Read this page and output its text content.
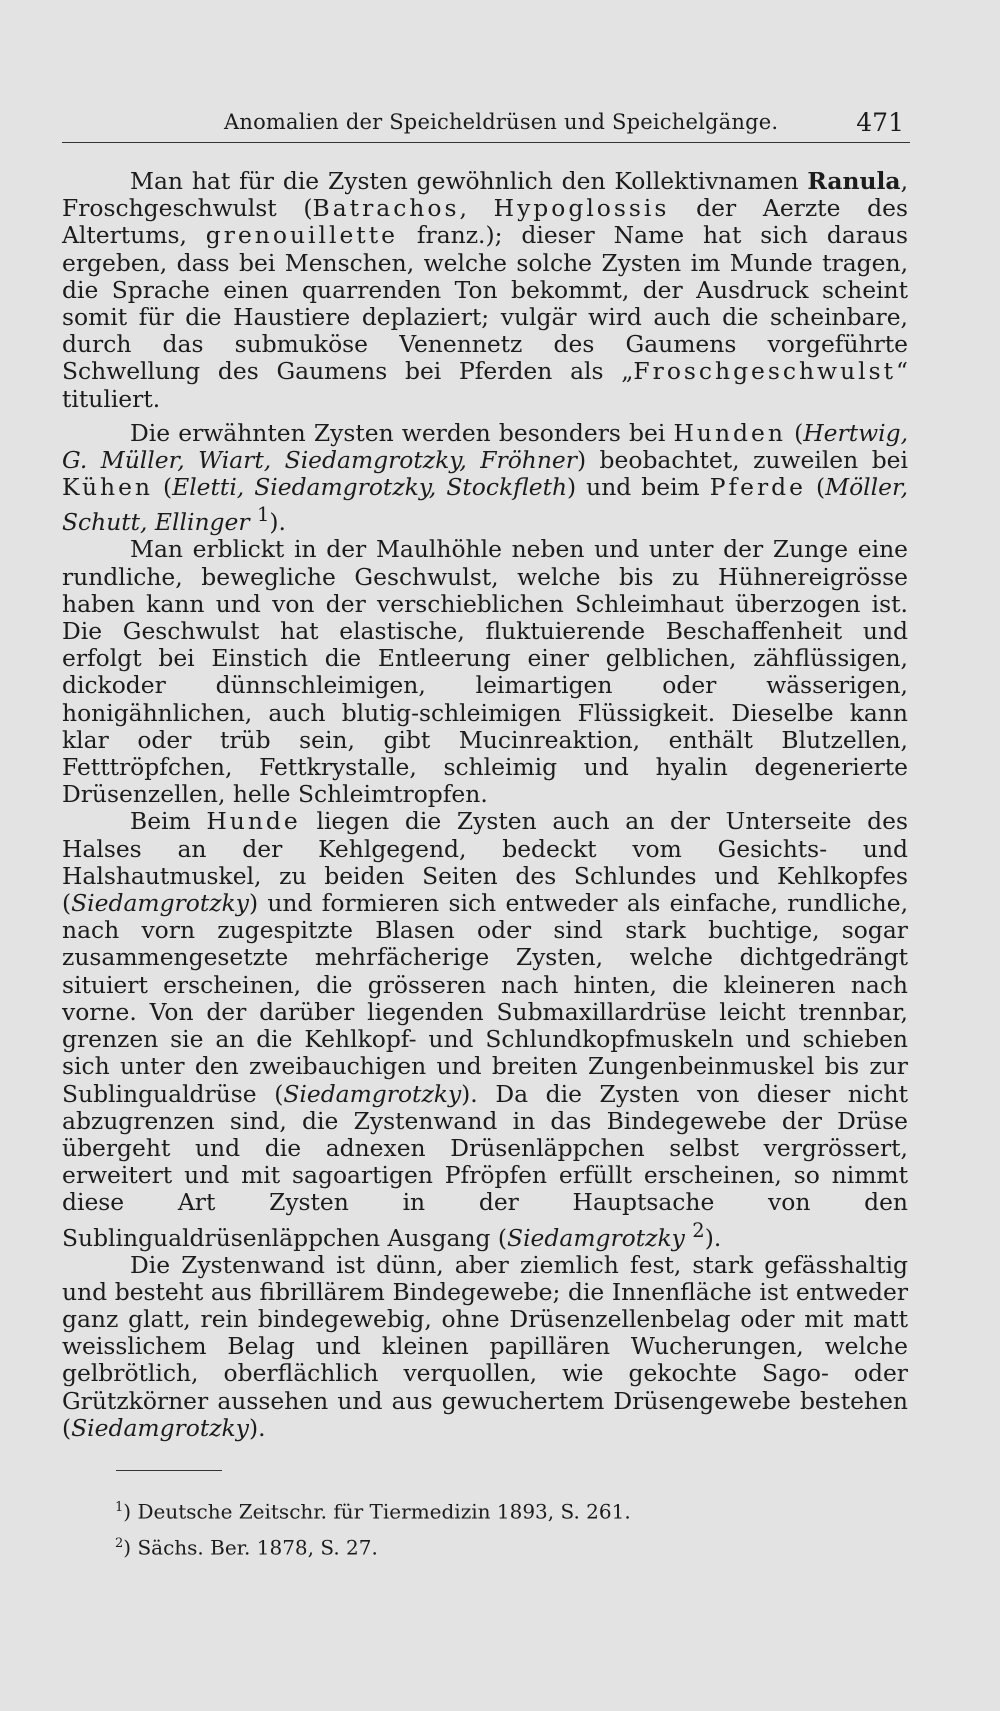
Anomalien der Speicheldrüsen und Speichelgänge.	471

Man hat für die Zysten gewöhnlich den Kollektivnamen Ranula, Froschgeschwulst (Batrachos, Hypoglossis der Aerzte des Altertums, grenouillette franz.); dieser Name hat sich daraus ergeben, dass bei Menschen, welche solche Zysten im Munde tragen, die Sprache einen quarrenden Ton bekommt, der Ausdruck scheint somit für die Haustiere deplaziert; vulgär wird auch die scheinbare, durch das submuköse Venennetz des Gaumens vorgeführte Schwellung des Gaumens bei Pferden als „Froschgeschwulst“ tituliert.

Die erwähnten Zysten werden besonders bei Hunden (Hertwig, G. Müller, Wiart, Siedamgrotzky, Fröhner) beobachtet, zuweilen bei Kühen (Eletti, Siedamgrotzky, Stockfleth) und beim Pferde (Möller, Schutt, Ellinger $^1$).

Man erblickt in der Maulhöhle neben und unter der Zunge eine rundliche, bewegliche Geschwulst, welche bis zu Hühnereigrösse haben kann und von der verschieblichen Schleimhaut überzogen ist. Die Geschwulst hat elastische, fluktuierende Beschaffenheit und erfolgt bei Einstich die Entleerung einer gelblichen, zähflüssigen, dickoder dünnschleimigen, leimartigen oder wässerigen, honigähnlichen, auch blutig-schleimigen Flüssigkeit. Dieselbe kann klar oder trüb sein, gibt Mucinreaktion, enthält Blutzellen, Fetttröpfchen, Fettkrystalle, schleimig und hyalin degenerierte Drüsenzellen, helle Schleimtropfen.

Beim Hunde liegen die Zysten auch an der Unterseite des Halses an der Kehlgegend, bedeckt vom Gesichts- und Halshautmuskel, zu beiden Seiten des Schlundes und Kehlkopfes (Siedamgrotzky) und formieren sich entweder als einfache, rundliche, nach vorn zugespitzte Blasen oder sind stark buchtige, sogar zusammengesetzte mehrfächerige Zysten, welche dichtgedrängt situiert erscheinen, die grösseren nach hinten, die kleineren nach vorne. Von der darüber liegenden Submaxillardrüse leicht trennbar, grenzen sie an die Kehlkopf- und Schlundkopfmuskeln und schieben sich unter den zweibauchigen und breiten Zungenbeinmuskel bis zur Sublingualdrüse (Siedamgrotzky). Da die Zysten von dieser nicht abzugrenzen sind, die Zystenwand in das Bindegewebe der Drüse übergeht und die adnexen Drüsenläppchen selbst vergrössert, erweitert und mit sagoartigen Pfröpfen erfüllt erscheinen, so nimmt diese Art Zysten in der Hauptsache von den Sublingualdrüsenläppchen Ausgang (Siedamgrotzky $^2$).

Die Zystenwand ist dünn, aber ziemlich fest, stark gefässhaltig und besteht aus fibrillärem Bindegewebe; die Innenfläche ist entweder ganz glatt, rein bindegewebig, ohne Drüsenzellenbelag oder mit matt weisslichem Belag und kleinen papillären Wucherungen, welche gelbrötlich, oberflächlich verquollen, wie gekochte Sago- oder Grützkörner aussehen und aus gewuchertem Drüsengewebe bestehen (Siedamgrotzky).

$^1$) Deutsche Zeitschr. für Tiermedizin 1893, S. 261.
$^2$) Sächs. Ber. 1878, S. 27.
